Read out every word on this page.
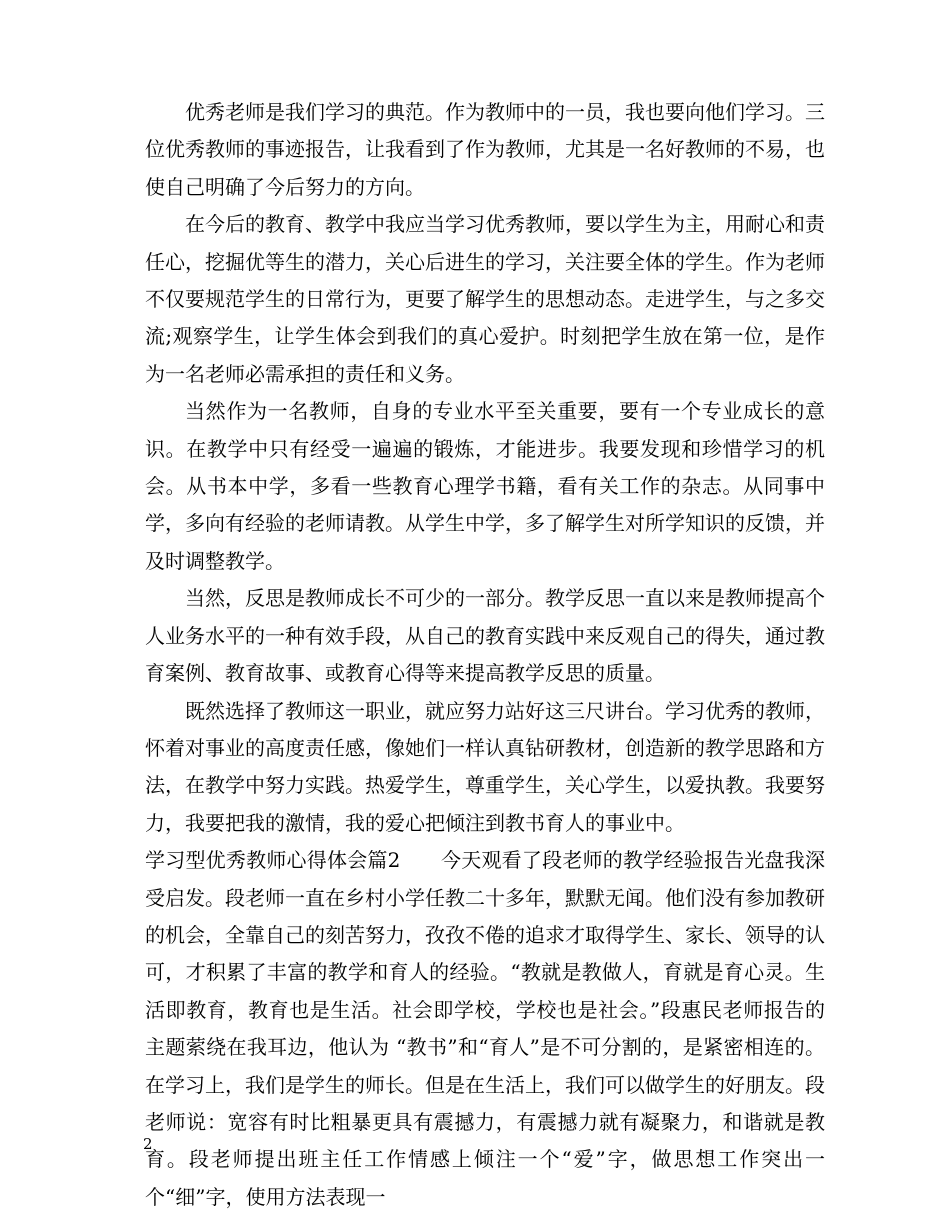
优秀老师是我们学习的典范。作为教师中的一员，我也要向他们学习。三位优秀教师的事迹报告，让我看到了作为教师，尤其是一名好教师的不易，也使自己明确了今后努力的方向。

在今后的教育、教学中我应当学习优秀教师，要以学生为主，用耐心和责任心，挖掘优等生的潜力，关心后进生的学习，关注要全体的学生。作为老师不仅要规范学生的日常行为，更要了解学生的思想动态。走进学生，与之多交流;观察学生，让学生体会到我们的真心爱护。时刻把学生放在第一位，是作为一名老师必需承担的责任和义务。

当然作为一名教师，自身的专业水平至关重要，要有一个专业成长的意识。在教学中只有经受一遍遍的锻炼，才能进步。我要发现和珍惜学习的机会。从书本中学，多看一些教育心理学书籍，看有关工作的杂志。从同事中学，多向有经验的老师请教。从学生中学，多了解学生对所学知识的反馈，并及时调整教学。

当然，反思是教师成长不可少的一部分。教学反思一直以来是教师提高个人业务水平的一种有效手段，从自己的教育实践中来反观自己的得失，通过教育案例、教育故事、或教育心得等来提高教学反思的质量。

既然选择了教师这一职业，就应努力站好这三尺讲台。学习优秀的教师，怀着对事业的高度责任感，像她们一样认真钻研教材，创造新的教学思路和方法，在教学中努力实践。热爱学生，尊重学生，关心学生，以爱执教。我要努力，我要把我的激情，我的爱心把倾注到教书育人的事业中。

学习型优秀教师心得体会篇2　　今天观看了段老师的教学经验报告光盘我深受启发。段老师一直在乡村小学任教二十多年，默默无闻。他们没有参加教研的机会，全靠自己的刻苦努力，孜孜不倦的追求才取得学生、家长、领导的认可，才积累了丰富的教学和育人的经验。“教就是教做人，育就是育心灵。生活即教育，教育也是生活。社会即学校，学校也是社会。”段惠民老师报告的主题萦绕在我耳边，他认为 “教书”和“育人”是不可分割的，是紧密相连的。在学习上，我们是学生的师长。但是在生活上，我们可以做学生的好朋友。段老师说：宽容有时比粗暴更具有震撼力，有震撼力就有凝聚力，和谐就是教育。段老师提出班主任工作情感上倾注一个“爱”字，做思想工作突出一个“细”字，使用方法表现一

2
